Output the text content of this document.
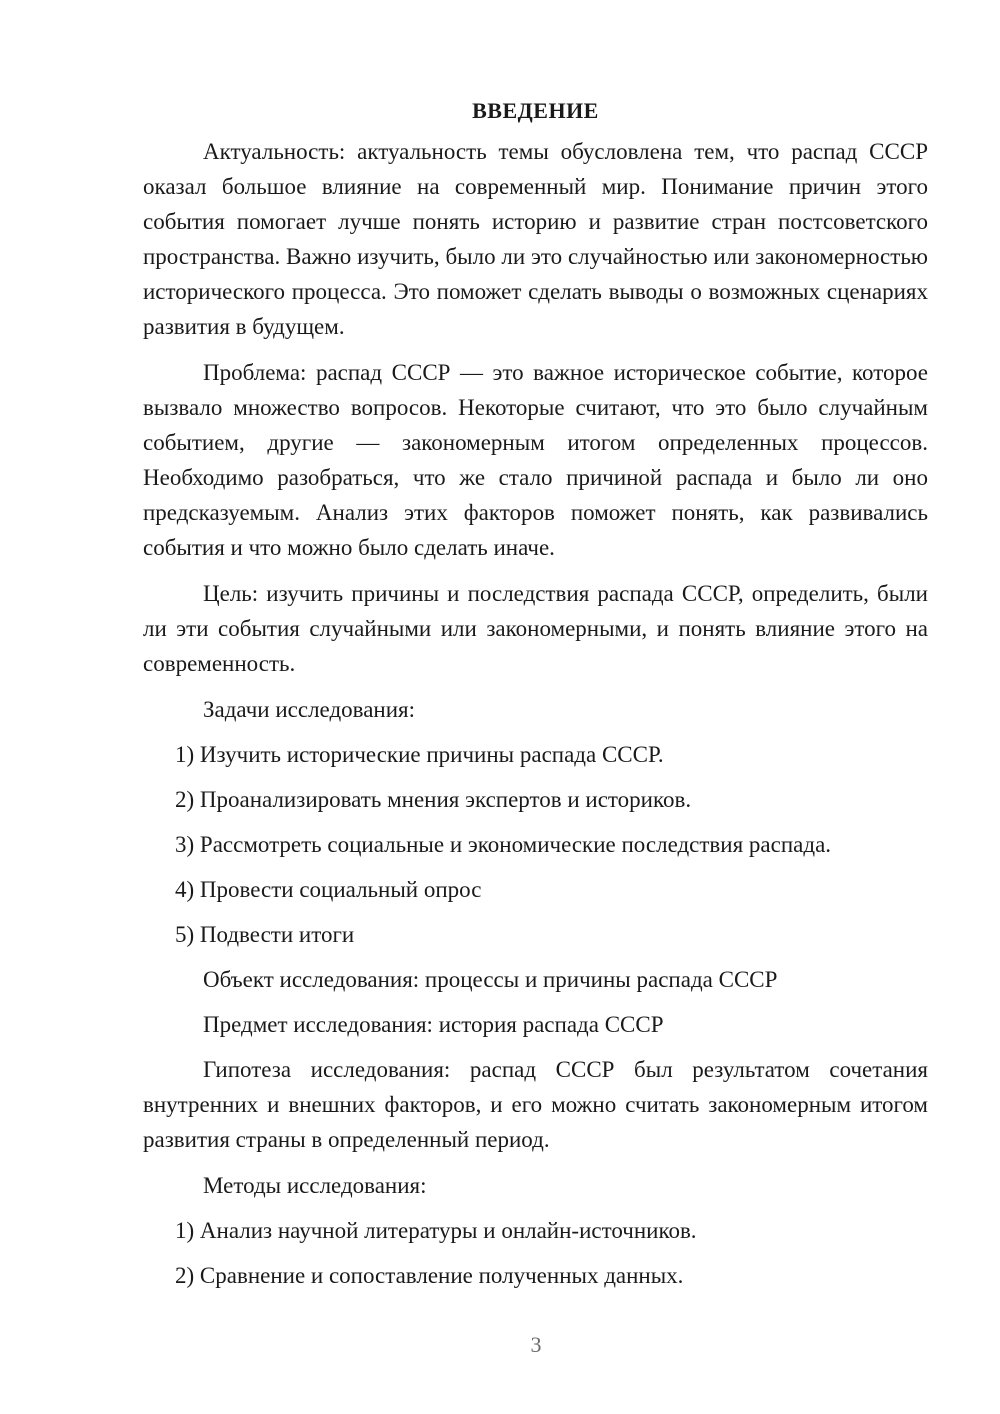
ВВЕДЕНИЕ

Актуальность: актуальность темы обусловлена тем, что распад СССР оказал большое влияние на современный мир. Понимание причин этого события помогает лучше понять историю и развитие стран постсоветского пространства. Важно изучить, было ли это случайностью или закономерностью исторического процесса. Это поможет сделать выводы о возможных сценариях развития в будущем.

Проблема: распад СССР — это важное историческое событие, которое вызвало множество вопросов. Некоторые считают, что это было случайным событием, другие — закономерным итогом определенных процессов. Необходимо разобраться, что же стало причиной распада и было ли оно предсказуемым. Анализ этих факторов поможет понять, как развивались события и что можно было сделать иначе.

Цель: изучить причины и последствия распада СССР, определить, были ли эти события случайными или закономерными, и понять влияние этого на современность.

Задачи исследования:
1) Изучить исторические причины распада СССР.
2) Проанализировать мнения экспертов и историков.
3) Рассмотреть социальные и экономические последствия распада.
4) Провести социальный опрос
5) Подвести итоги
Объект исследования: процессы и причины распада СССР
Предмет исследования: история распада СССР

Гипотеза исследования: распад СССР был результатом сочетания внутренних и внешних факторов, и его можно считать закономерным итогом развития страны в определенный период.

Методы исследования:
1) Анализ научной литературы и онлайн-источников.
2) Сравнение и сопоставление полученных данных.
3
